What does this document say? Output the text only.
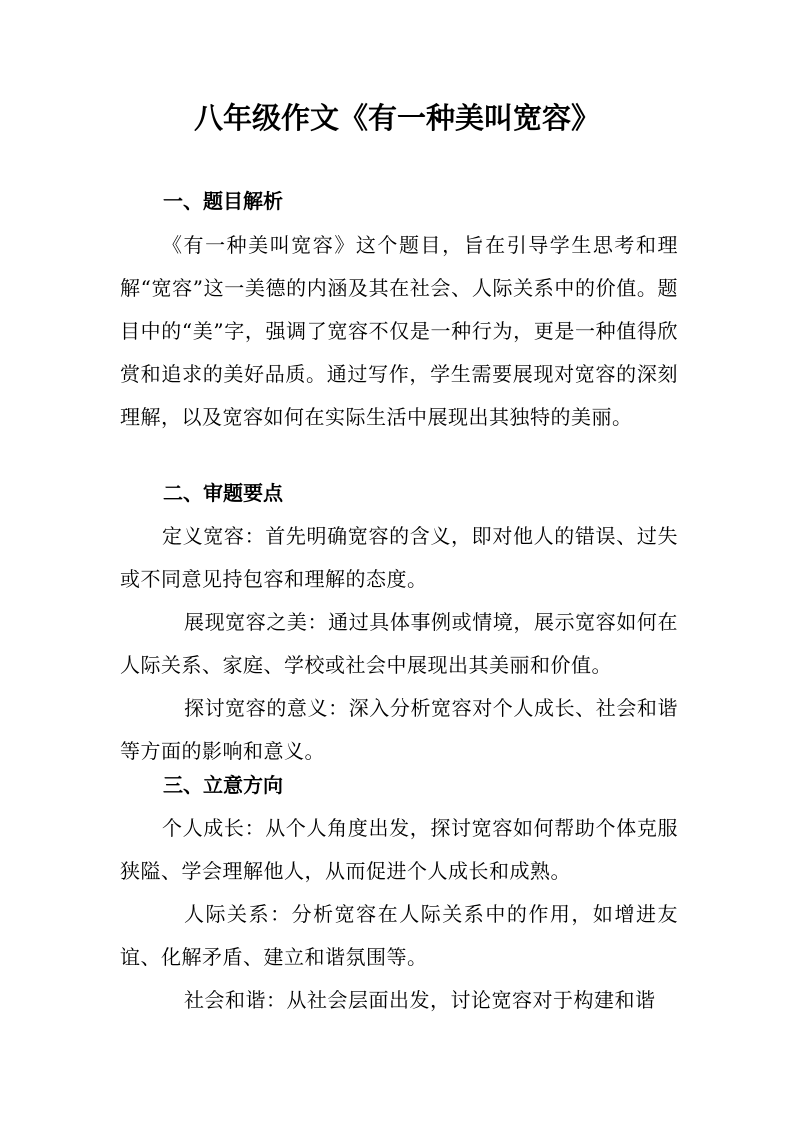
八年级作文《有一种美叫宽容》
一、题目解析
《有一种美叫宽容》这个题目，旨在引导学生思考和理解“宽容”这一美德的内涵及其在社会、人际关系中的价值。题目中的“美”字，强调了宽容不仅是一种行为，更是一种值得欣赏和追求的美好品质。通过写作，学生需要展现对宽容的深刻理解，以及宽容如何在实际生活中展现出其独特的美丽。
二、审题要点
定义宽容：首先明确宽容的含义，即对他人的错误、过失或不同意见持包容和理解的态度。
展现宽容之美：通过具体事例或情境，展示宽容如何在人际关系、家庭、学校或社会中展现出其美丽和价值。
探讨宽容的意义：深入分析宽容对个人成长、社会和谐等方面的影响和意义。
三、立意方向
个人成长：从个人角度出发，探讨宽容如何帮助个体克服狭隘、学会理解他人，从而促进个人成长和成熟。
人际关系：分析宽容在人际关系中的作用，如增进友谊、化解矛盾、建立和谐氛围等。
社会和谐：从社会层面出发，讨论宽容对于构建和谐
